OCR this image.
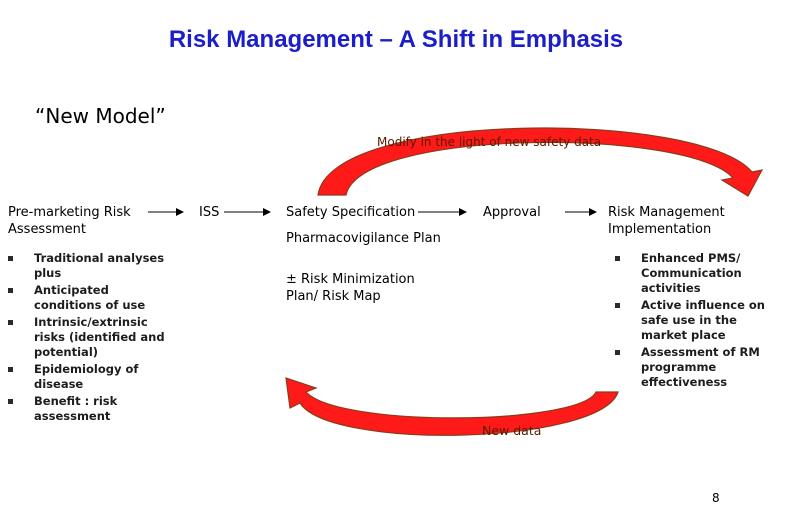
Risk Management – A Shift in Emphasis
“New Model”
Modify in the light of new safety data
New data
Pre-marketing Risk Assessment
ISS	Safety Specification
Pharmacovigilance Plan
± Risk Minimization Plan/ Risk Map
Approval	Risk Management Implementation
Traditional analyses plus
Anticipated conditions of use
Intrinsic/extrinsic risks (identified and potential)
Epidemiology of disease
Benefit : risk assessment
Enhanced PMS/ Communication activities
Active influence on safe use in the market place
Assessment of RM programme effectiveness
8
